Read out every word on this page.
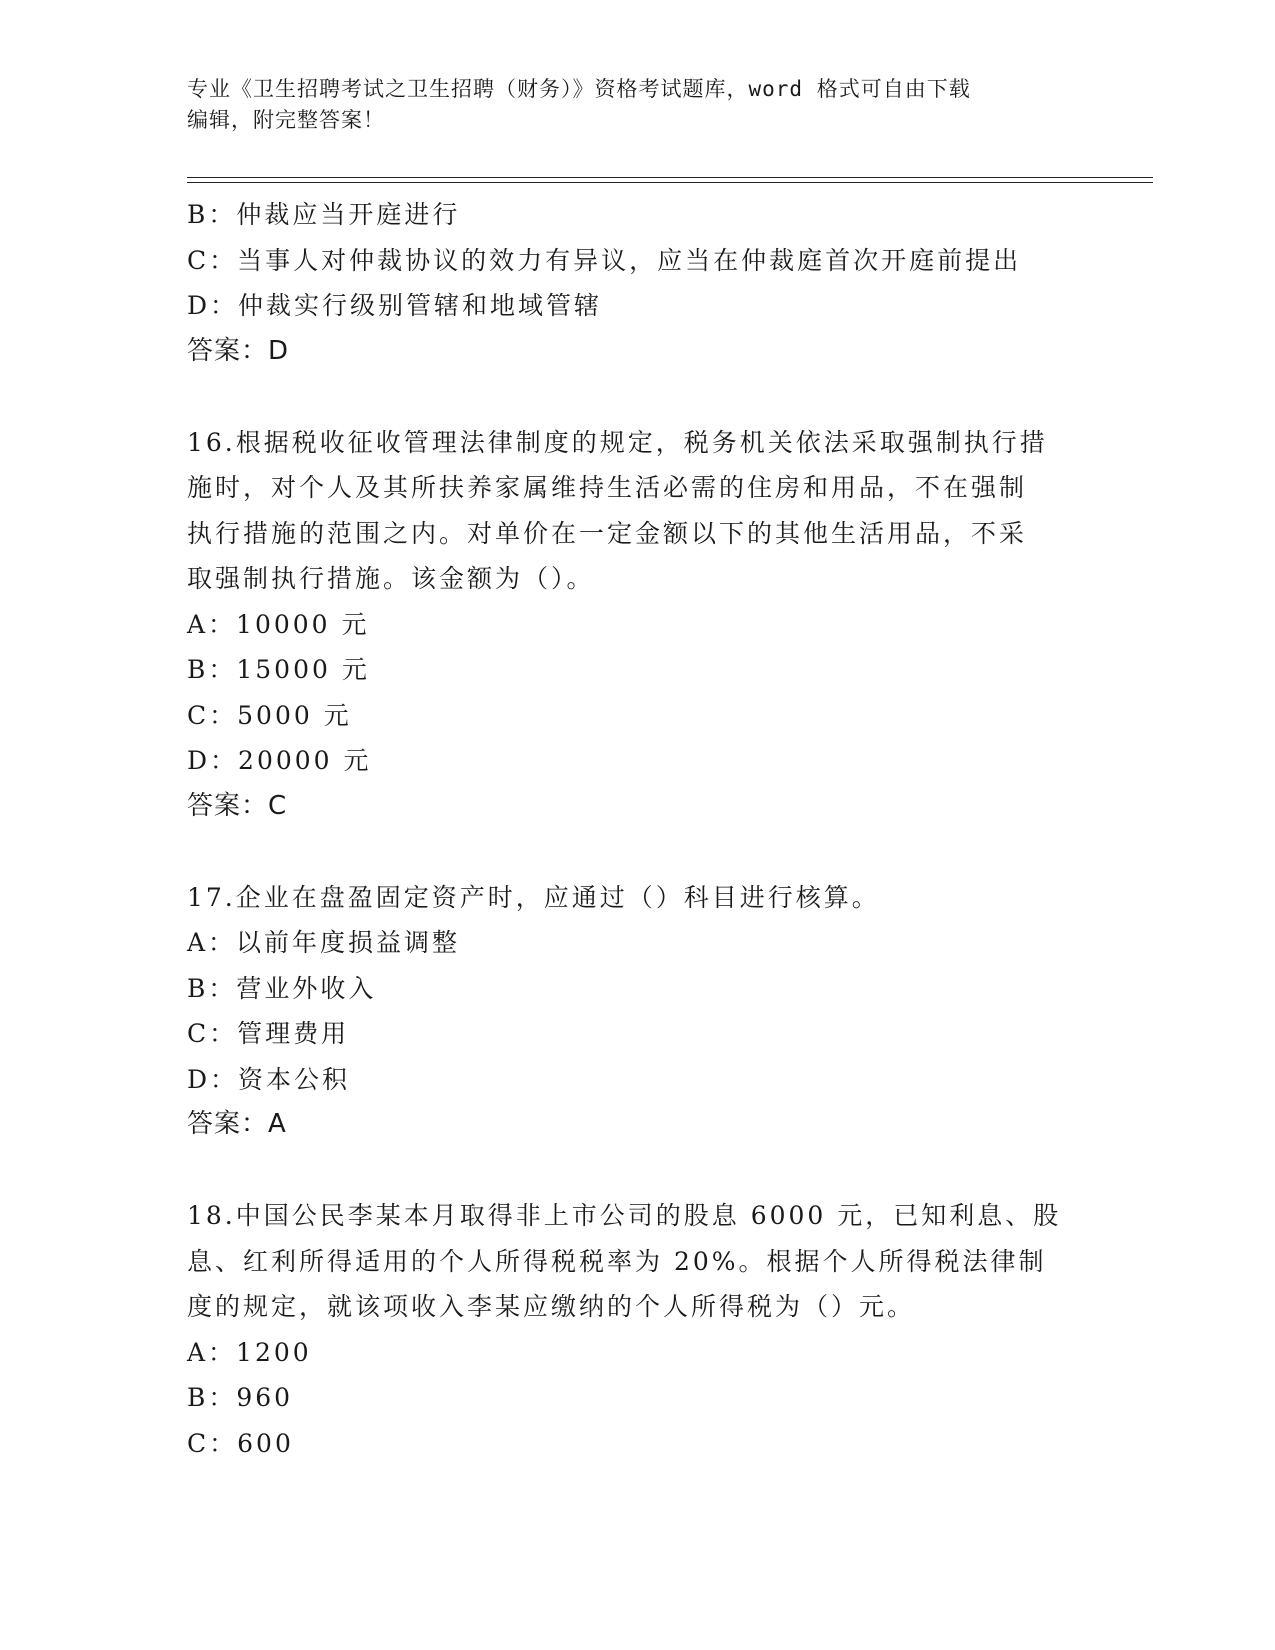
专业《卫生招聘考试之卫生招聘（财务）》资格考试题库，word 格式可自由下载
编辑，附完整答案！
B：仲裁应当开庭进行
C：当事人对仲裁协议的效力有异议，应当在仲裁庭首次开庭前提出
D：仲裁实行级别管辖和地域管辖
答案：D
16.根据税收征收管理法律制度的规定，税务机关依法采取强制执行措
施时，对个人及其所扶养家属维持生活必需的住房和用品，不在强制
执行措施的范围之内。对单价在一定金额以下的其他生活用品，不采
取强制执行措施。该金额为（）。
A：10000 元
B：15000 元
C：5000 元
D：20000 元
答案：C
17.企业在盘盈固定资产时，应通过（）科目进行核算。
A：以前年度损益调整
B：营业外收入
C：管理费用
D：资本公积
答案：A
18.中国公民李某本月取得非上市公司的股息 6000 元，已知利息、股
息、红利所得适用的个人所得税税率为 20%。根据个人所得税法律制
度的规定，就该项收入李某应缴纳的个人所得税为（）元。
A：1200
B：960
C：600
